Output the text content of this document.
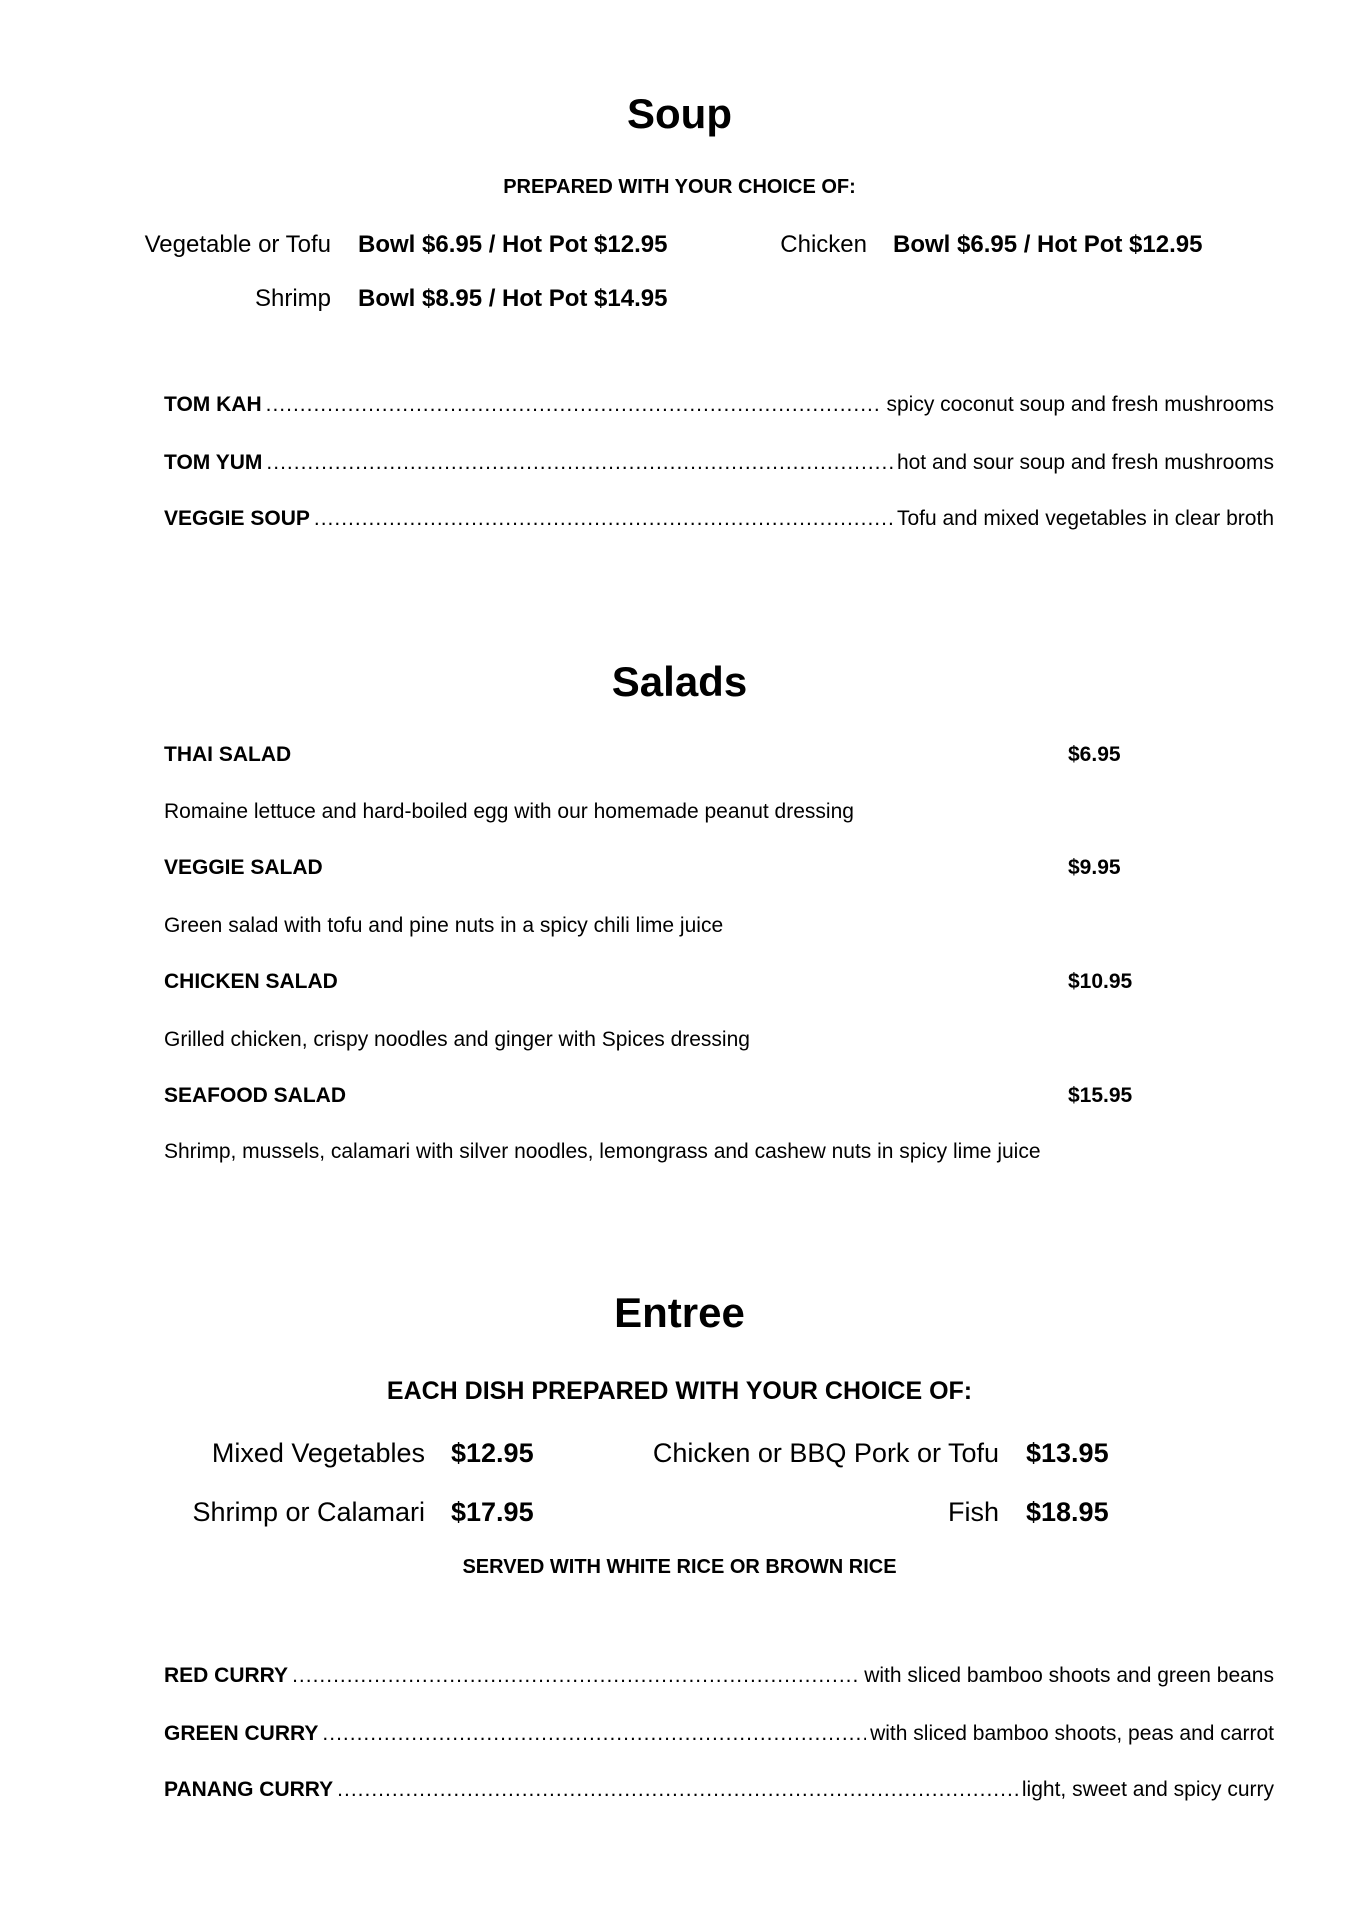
Soup
PREPARED WITH YOUR CHOICE OF:
Vegetable or Tofu Bowl $6.95 / Hot Pot $12.95	Chicken Bowl $6.95 / Hot Pot $12.95
Shrimp Bowl $8.95 / Hot Pot $14.95
TOM KAH .....	spicy coconut soup and fresh mushrooms
TOM YUM .....	hot and sour soup and fresh mushrooms
VEGGIE SOUP .....	Tofu and mixed vegetables in clear broth
Salads
THAI SALAD	$6.95
Romaine lettuce and hard-boiled egg with our homemade peanut dressing
VEGGIE SALAD	$9.95
Green salad with tofu and pine nuts in a spicy chili lime juice
CHICKEN SALAD	$10.95
Grilled chicken, crispy noodles and ginger with Spices dressing
SEAFOOD SALAD	$15.95
Shrimp, mussels, calamari with silver noodles, lemongrass and cashew nuts in spicy lime juice
Entree
EACH DISH PREPARED WITH YOUR CHOICE OF:
Mixed Vegetables $12.95	Chicken or BBQ Pork or Tofu $13.95
Shrimp or Calamari $17.95	Fish $18.95
SERVED WITH WHITE RICE OR BROWN RICE
RED CURRY .....	with sliced bamboo shoots and green beans
GREEN CURRY .....	with sliced bamboo shoots, peas and carrot
PANANG CURRY .....	light, sweet and spicy curry
